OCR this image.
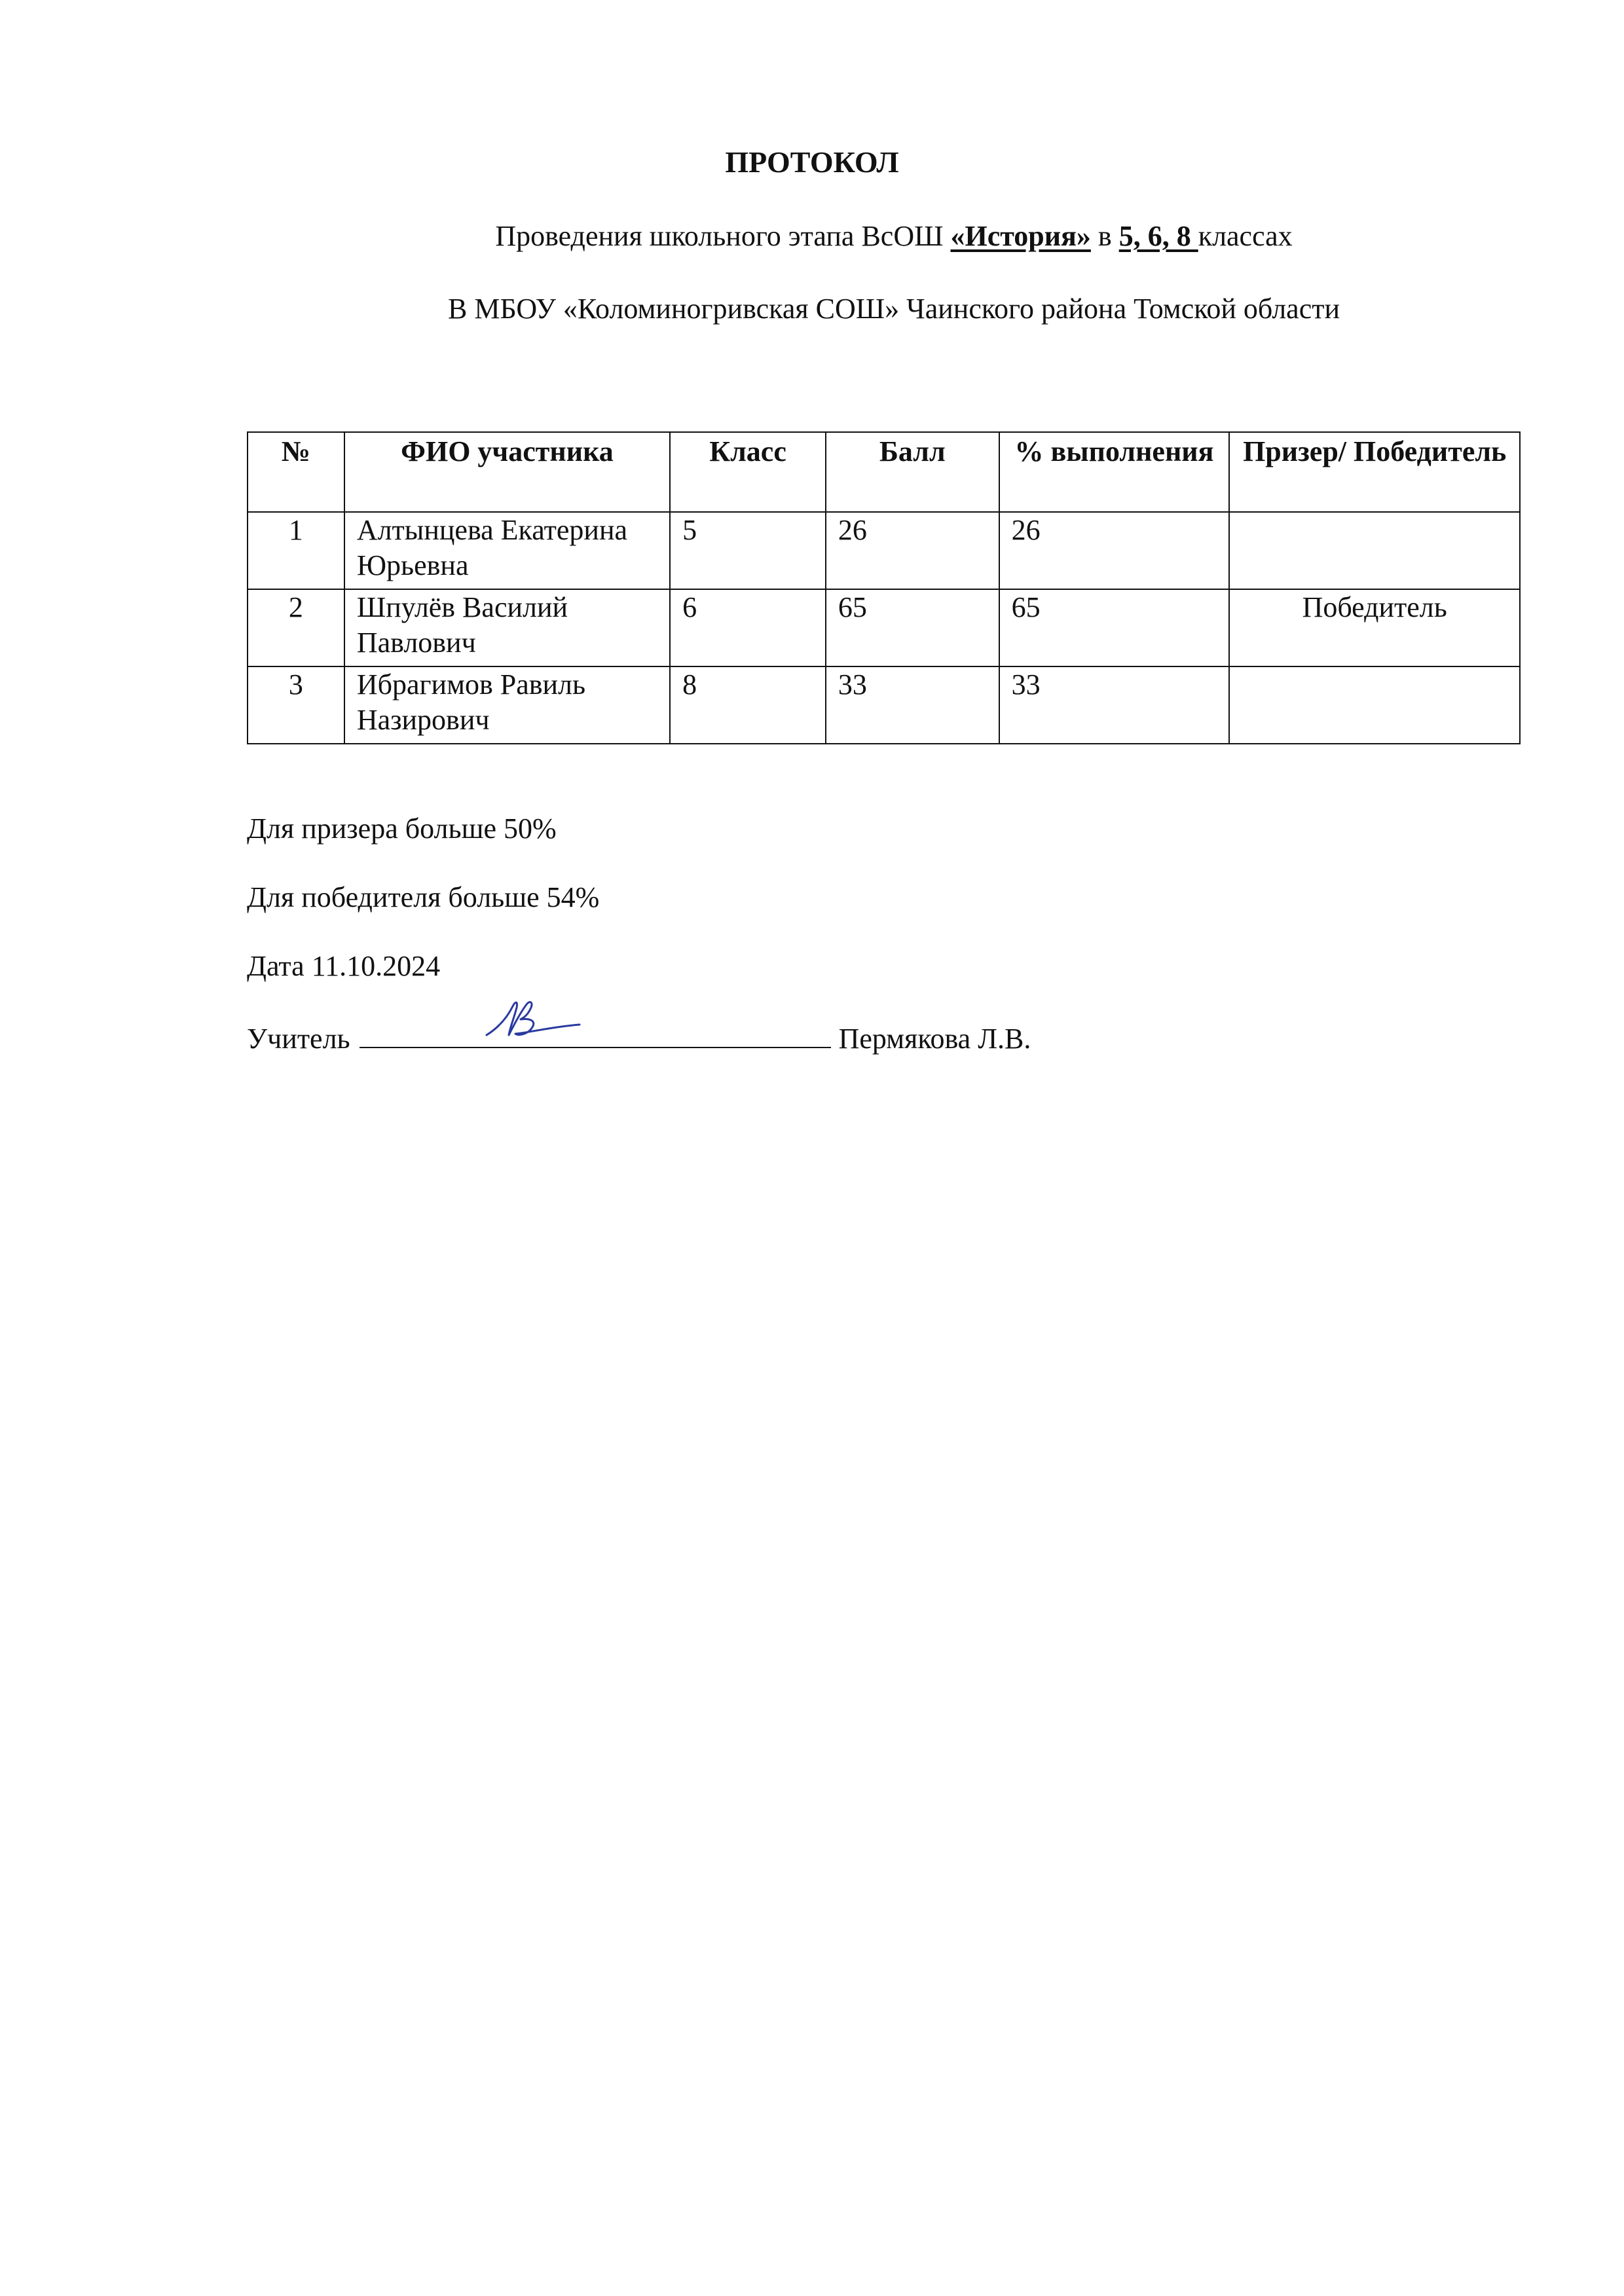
ПРОТОКОЛ
Проведения школьного этапа ВсОШ «История» в 5, 6, 8 классах
В МБОУ «Коломиногривская СОШ» Чаинского района Томской области
№	ФИО участника	Класс	Балл	% выполнения	Призер/ Победитель
1	Алтынцева Екатерина Юрьевна	5	26	26	
2	Шпулёв Василий Павлович	6	65	65	Победитель
3	Ибрагимов Равиль Назирович	8	33	33	
Для призера больше 50%
Для победителя больше 54%
Дата 11.10.2024
Учитель	Пермякова Л.В.
